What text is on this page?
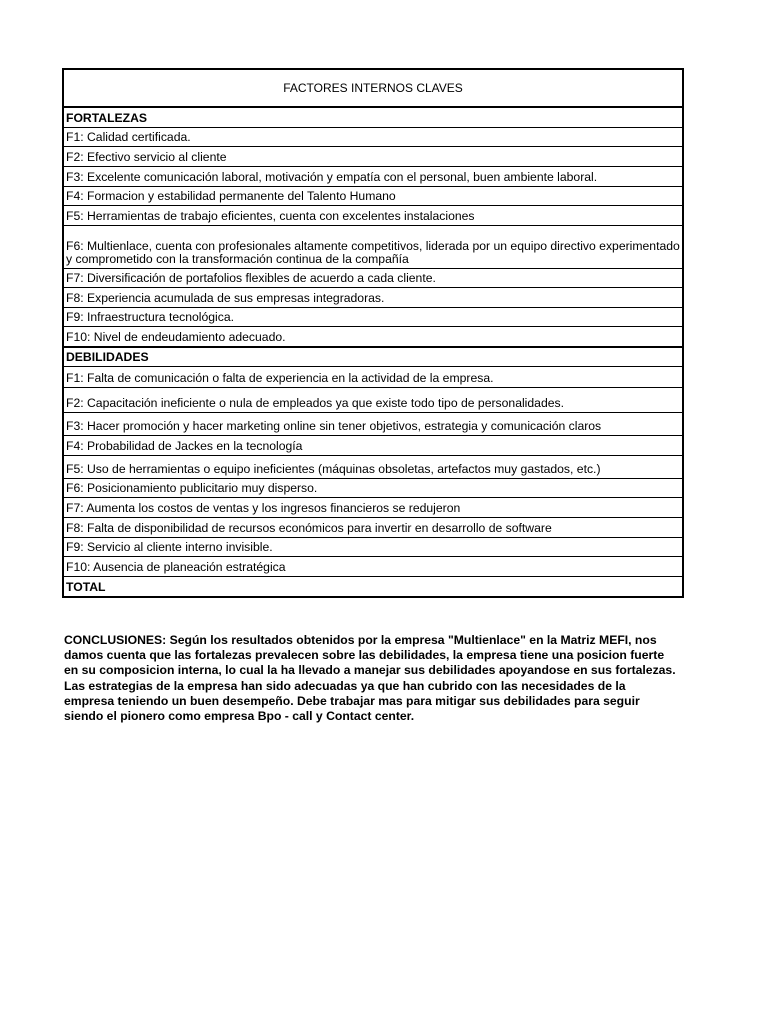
FACTORES INTERNOS CLAVES
FORTALEZAS
F1: Calidad certificada.
F2: Efectivo servicio al cliente
F3: Excelente comunicación laboral, motivación y empatía con el personal, buen ambiente laboral.
F4: Formacion y estabilidad permanente del Talento Humano
F5: Herramientas de trabajo eficientes, cuenta con excelentes instalaciones
F6: Multienlace, cuenta con profesionales altamente competitivos, liderada por un equipo directivo experimentado y comprometido con la transformación continua de la compañía
F7: Diversificación de portafolios flexibles de acuerdo a cada cliente.
F8: Experiencia acumulada de sus empresas integradoras.
F9: Infraestructura tecnológica.
F10: Nivel de endeudamiento adecuado.
DEBILIDADES
F1: Falta de comunicación o falta de experiencia en la actividad de la empresa.
F2: Capacitación ineficiente o nula de empleados ya que existe todo tipo de personalidades.
F3: Hacer promoción y hacer marketing online sin tener objetivos, estrategia y comunicación claros
F4: Probabilidad de Jackes en la tecnología
F5: Uso de herramientas o equipo ineficientes (máquinas obsoletas, artefactos muy gastados, etc.)
F6: Posicionamiento publicitario muy disperso.
F7: Aumenta los costos de ventas y los ingresos financieros se redujeron
F8: Falta de disponibilidad de recursos económicos para invertir en desarrollo de software
F9: Servicio al cliente interno invisible.
F10: Ausencia de planeación estratégica
TOTAL
CONCLUSIONES: Según los resultados obtenidos por la empresa "Multienlace" en la Matriz MEFI, nos damos cuenta que las fortalezas prevalecen sobre las debilidades, la empresa tiene una posicion fuerte en su composicion interna, lo cual la ha llevado a manejar sus debilidades apoyandose en sus fortalezas. Las estrategias de la empresa han sido adecuadas ya que han cubrido con las necesidades de la empresa teniendo un buen desempeño. Debe trabajar mas para mitigar sus debilidades para seguir siendo el pionero como empresa Bpo - call y Contact center.
